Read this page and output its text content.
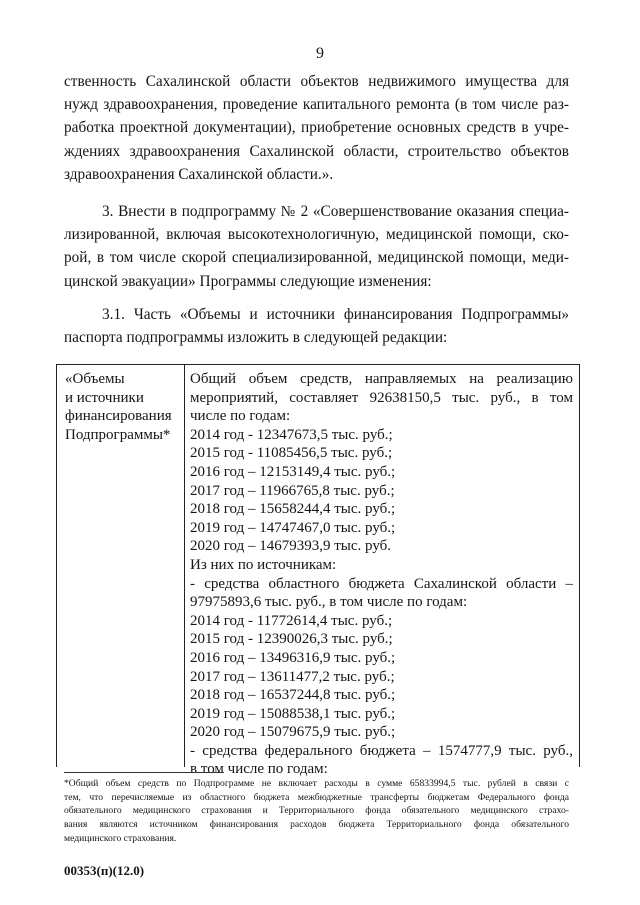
9
ственность Сахалинской области объектов недвижимого имущества для
нужд здравоохранения, проведение капитального ремонта (в том числе раз-
работка проектной документации), приобретение основных средств в учре-
ждениях здравоохранения Сахалинской области, строительство объектов
здравоохранения Сахалинской области.».
3. Внести в подпрограмму № 2 «Совершенствование оказания специа-
лизированной, включая высокотехнологичную, медицинской помощи, ско-
рой, в том числе скорой специализированной, медицинской помощи, меди-
цинской эвакуации» Программы следующие изменения:
3.1. Часть «Объемы и источники финансирования Подпрограммы»
паспорта подпрограммы изложить в следующей редакции:
«Объемы
и источники
финансирования
Подпрограммы*
Общий объем средств, направляемых на реализацию
мероприятий, составляет 92638150,5 тыс. руб., в том
числе по годам:
2014 год - 12347673,5 тыс. руб.;
2015 год - 11085456,5 тыс. руб.;
2016 год – 12153149,4 тыс. руб.;
2017 год – 11966765,8 тыс. руб.;
2018 год – 15658244,4 тыс. руб.;
2019 год – 14747467,0 тыс. руб.;
2020 год – 14679393,9 тыс. руб.
Из них по источникам:
- средства областного бюджета Сахалинской области –
97975893,6 тыс. руб., в том числе по годам:
2014 год - 11772614,4 тыс. руб.;
2015 год - 12390026,3 тыс. руб.;
2016 год – 13496316,9 тыс. руб.;
2017 год – 13611477,2 тыс. руб.;
2018 год – 16537244,8 тыс. руб.;
2019 год – 15088538,1 тыс. руб.;
2020 год – 15079675,9 тыс. руб.;
- средства федерального бюджета – 1574777,9 тыс. руб.,
в том числе по годам:
*Общий объем средств по Подпрограмме не включает расходы в сумме 65833994,5 тыс. рублей в связи с
тем, что перечисляемые из областного бюджета межбюджетные трансферты бюджетам Федерального фонда
обязательного медицинского страхования и Территориального фонда обязательного медицинского страхо-
вания являются источником финансирования расходов бюджета Территориального фонда обязательного
медицинского страхования.
00353(п)(12.0)
